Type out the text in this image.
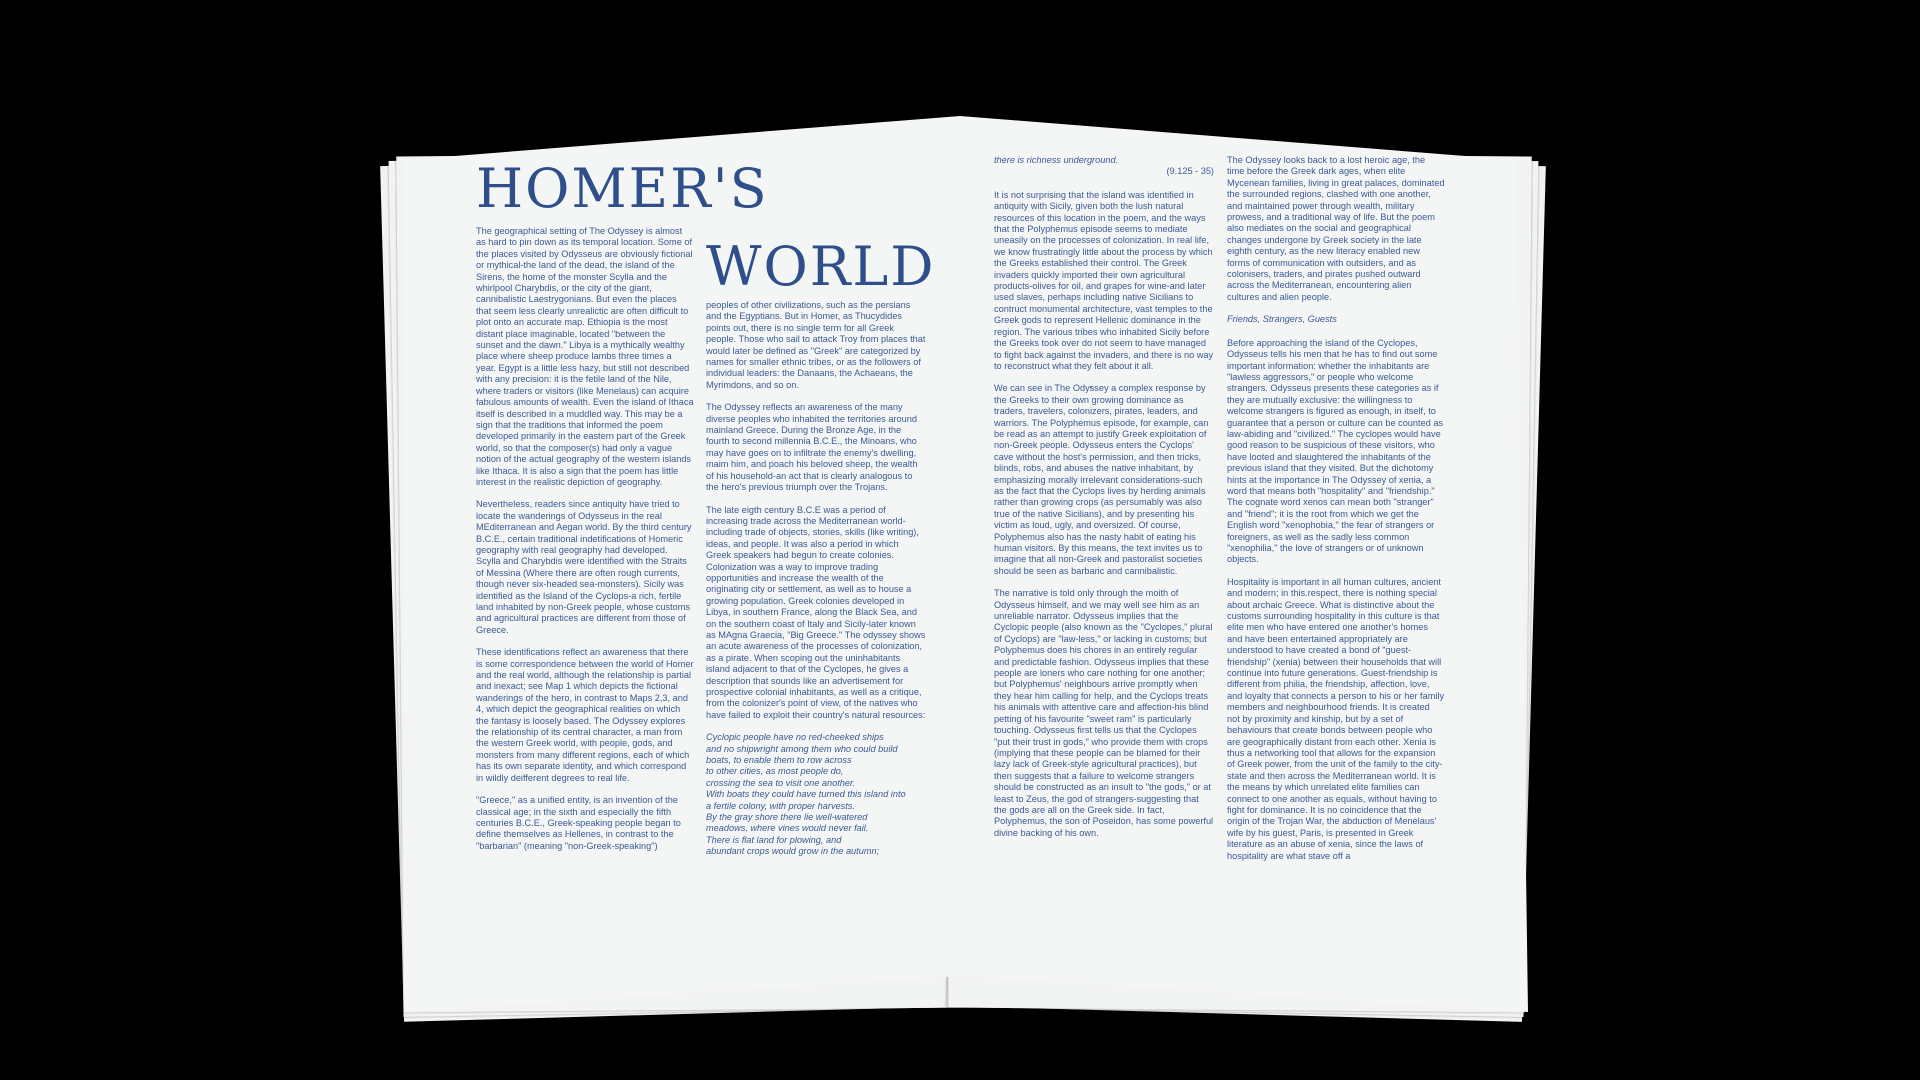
HOMER'S
WORLD

The geographical setting of The Odyssey is almost as hard to pin down as its temporal location. Some of the places visited by Odysseus are obviously fictional or mythical-the land of the dead, the island of the Sirens, the home of the monster Scylla and the whirlpool Charybdis, or the city of the giant, cannibalistic Laestrygonians. But even the places that seem less clearly unrealictic are often difficult to plot onto an accurate map. Ethiopia is the most distant place imaginable, located "between the sunset and the dawn." Libya is a mythically wealthy place where sheep produce lambs three times a year. Egypt is a little less hazy, but still not described with any precision: it is the fetile land of the Nile, where traders or visitors (like Menelaus) can acquire fabulous amounts of wealth. Even the island of Ithaca itself is described in a muddled way. This may be a sign that the traditions that informed the poem developed primarily in the eastern part of the Greek world, so that the composer(s) had only a vague notion of the actual geography of the western islands like Ithaca. It is also a sign that the poem has little interest in the realistic depiction of geography.

Nevertheless, readers since antiquity have tried to locate the wanderings of Odysseus in the real MEditerranean and Aegan world. By the third century B.C.E., certain traditional indetifications of Homeric geography with real geography had developed. Scylla and Charybdis were identified with the Straits of Messina (Where there are often rough currents, though never six-headed sea-monsters). Sicily was identified as the Island of the Cyclops-a rich, fertile land inhabited by non-Greek people, whose customs and agricultural practices are different from those of Greece.

These identifications reflect an awareness that there is some correspondence between the world of Homer and the real world, although the relationship is partial and inexact; see Map 1 which depicts the fictional wanderings of the hero, in contrast to Maps 2,3, and 4, which depict the geographical realities on which the fantasy is loosely based. The Odyssey explores the relationship of its central character, a man from the western Greek world, with people, gods, and monsters from many different regions, each of which has its own separate identity, and which correspond in wildly deifferent degrees to real life.

"Greece," as a unified entity, is an invention of the classical age; in the sixth and especially the fifth centuries B.C.E., Greek-speaking people began to define themselves as Hellenes, in contrast to the "barbarian" (meaning "non-Greek-speaking")

peoples of other civilizations, such as the persians and the Egyptians. But in Homer, as Thucydides points out, there is no single term for all Greek people. Those who sail to attack Troy from places that would later be defined as "Greek" are categorized by names for smaller ethnic tribes, or as the followers of individual leaders: the Danaans, the Achaeans, the Myrimdons, and so on.

The Odyssey reflects an awareness of the many diverse peoples who inhabited the territories around mainland Greece. During the Bronze Age, in the fourth to second millennia B.C.E., the Minoans, who may have goes on to infiltrate the enemy's dwelling, maim him, and poach his beloved sheep, the wealth of his household-an act that is clearly analogous to the hero's previous triumph over the Trojans.

The late eigth century B.C.E was a period of increasing trade across the Mediterranean world-including trade of objects, stories, skills (like writing), ideas, and people. It was also a period in which Greek speakers had begun to create colonies. Colonization was a way to improve trading opportunities and increase the wealth of the originating city or settlement, as well as to house a growing population. Greek colonies developed in Libya, in southern France, along the Black Sea, and on the southern coast of Italy and Sicily-later known as MAgna Graecia, "Big Greece." The odyssey shows an acute awareness of the processes of colonization, as a pirate. When scoping out the uninhabitants island adjacent to that of the Cyclopes, he gives a description that sounds like an advertisement for prospective colonial inhabitants, as well as a critique, from the colonizer's point of view, of the natives who have failed to exploit their country's natural resources:

Cyclopic people have no red-cheeked ships
and no shipwright among them who could build
boats, to enable them to row across
to other cities, as most people do,
crossing the sea to visit one another.
With boats they could have turned this island into
a fertile colony, with proper harvests.
By the gray shore there lie well-watered
meadows, where vines would never fail.
There is flat land for plowing, and
abundant crops would grow in the autumn;

there is richness underground.

(9.125 - 35)

It is not surprising that the island was identified in antiquity with Sicily, given both the lush natural resources of this location in the poem, and the ways that the Polyphemus episode seems to mediate uneasily on the processes of colonization. In real life, we know frustratingly little about the process by which the Greeks established their control. The Greek invaders quickly imported their own agricultural products-olives for oil, and grapes for wine-and later used slaves, perhaps including native Sicilians to contruct monumental architecture, vast temples to the Greek gods to represent Hellenic dominance in the region. The various tribes who inhabited Sicily before the Greeks took over do not seem to have managed to fight back against the invaders, and there is no way to reconstruct what they felt about it all.

We can see in The Odyssey a complex response by the Greeks to their own growing dominance as traders, travelers, colonizers, pirates, leaders, and warriors. The Polyphemus episode, for example, can be read as an attempt to justify Greek exploitation of non-Greek people. Odysseus enters the Cyclops' cave without the host's permission, and then tricks, blinds, robs, and abuses the native inhabitant, by emphasizing morally irrelevant considerations-such as the fact that the Cyclops lives by herding animals rather than growing crops (as persumably was also true of the native Sicilians), and by presenting his victim as loud, ugly, and oversized. Of course, Polyphemus also has the nasty habit of eating his human visitors. By this means, the text invites us to imagine that all non-Greek and pastoralist societies should be seen as barbaric and cannibalistic.

The narrative is told only through the moith of Odysseus himself, and we may well see him as an unreliable narrator. Odysseus implies that the Cyclopic people (also known as the "Cyclopes," plural of Cyclops) are "law-less," or lacking in customs; but Polyphemus does his chores in an entirely regular and predictable fashion. Odysseus implies that these people are loners who care nothing for one another; but Polyphemus' neighbours arrive promptly when they hear him calling for help, and the Cyclops treats his animals with attentive care and affection-his blind petting of his favourite "sweet ram" is particularly touching. Odysseus first tells us that the Cyclopes "put their trust in gods," who provide them with crops (implying that these people can be blamed for their lazy lack of Greek-style agricultural practices), but then suggests that a failure to welcome strangers should be constructed as an insult to "the gods," or at least to Zeus, the god of strangers-suggesting that the gods are all on the Greek side. In fact, Polyphemus, the son of Poseidon, has some powerful divine backing of his own.

The Odyssey looks back to a lost heroic age, the time before the Greek dark ages, when elite Mycenean families, living in great palaces, dominated the surrounded regions, clashed with one another, and maintained power through wealth, military prowess, and a traditional way of life. But the poem also mediates on the social and geographical changes undergone by Greek society in the late eighth century, as the new literacy enabled new forms of communication with outsiders, and as colonisers, traders, and pirates pushed outward across the Mediterranean, encountering alien cultures and alien people.

Friends, Strangers, Guests

Before approaching the island of the Cyclopes, Odysseus tells his men that he has to find out some important information: whether the inhabitants are "lawless aggressors," or people who welcome strangers. Odysseus presents these categories as if they are mutually exclusive: the willingness to welcome strangers is figured as enough, in itself, to guarantee that a person or culture can be counted as law-abiding and "civilized." The cyclopes would have good reason to be suspicious of these visitors, who have looted and slaughtered the inhabitants of the previous island that they visited. But the dichotomy hints at the importance in The Odyssey of xenia, a word that means both "hospitality" and "friendship." The cognate word xenos can mean both "stranger" and "friend"; it is the root from which we get the English word "xenophobia," the fear of strangers or foreigners, as well as the sadly less common "xenophilia," the love of strangers or of unknown objects.

Hospitality is important in all human cultures, ancient and modern; in this.respect, there is nothing special about archaic Greece. What is distinctive about the customs surrounding hospitality in this culture is that elite men who have entered one another's homes and have been entertained appropriately are understood to have created a bond of "guest-friendship" (xenia) between their households that will continue into future generations. Guest-friendship is different from philia, the friendship, affection, love, and loyalty that connects a person to his or her family members and neighbourhood friends. It is created not by proximity and kinship, but by a set of behaviours that create bonds between people who are geographically distant from each other. Xenia is thus a networking tool that allows for the expansion of Greek power, from the unit of the family to the city-state and then across the Mediterranean world. It is the means by which unrelated elite families can connect to one another as equals, without having to fight for dominance. It is no coincidence that the origin of the Trojan War, the abduction of Menelaus' wife by his guest, Paris, is presented in Greek literature as an abuse of xenia, since the laws of hospitality are what stave off a
